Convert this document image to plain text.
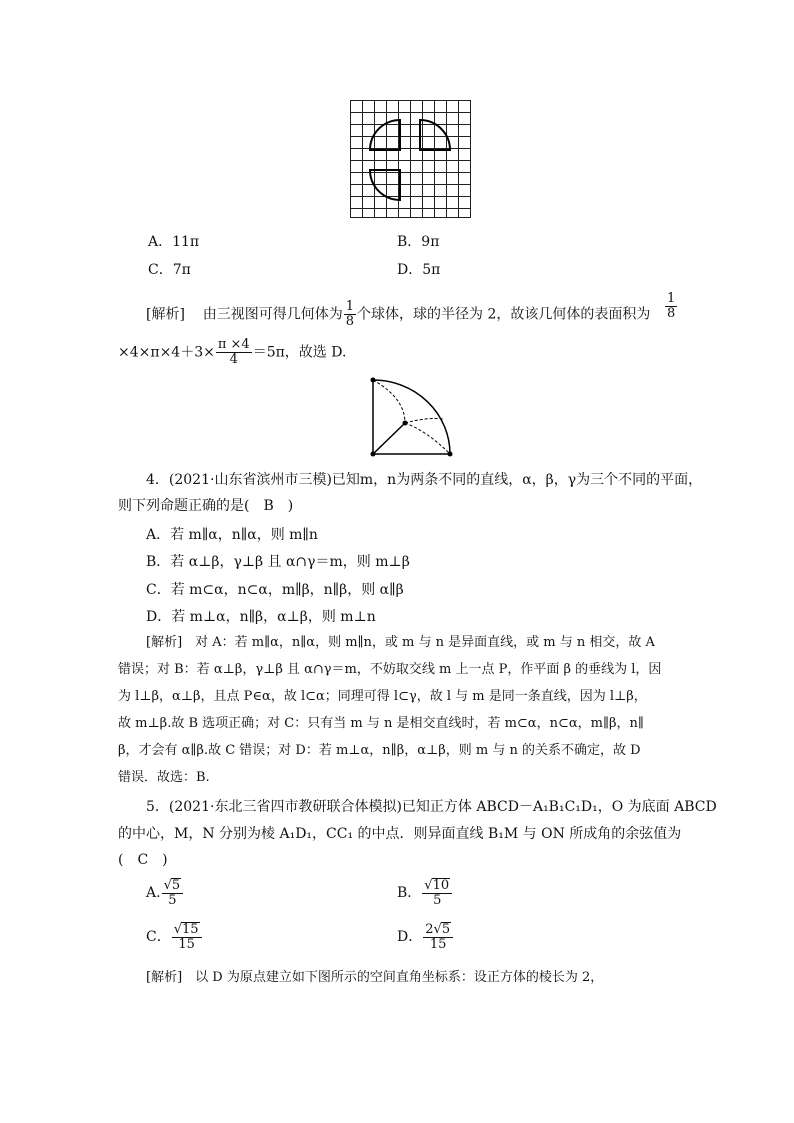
A．11π	B．9π
C．7π	D．5π
[解析] 由三视图可得几何体为 $\frac{1}{8}$ 个球体，球的半径为 2，故该几何体的表面积为 $\frac{1}{8}$
$\times 4\times\pi\times 4+3\times \frac{\pi \times 4}{4} =5\pi$，故选 D.
4．(2021·山东省滨州市三模)已知m，n为两条不同的直线，α，β，γ为三个不同的平面，
则下列命题正确的是(　B　)
A．若 m∥α，n∥α，则 m∥n
B．若 α⊥β，γ⊥β 且 α∩γ＝m，则 m⊥β
C．若 m⊂α，n⊂α，m∥β，n∥β，则 α∥β
D．若 m⊥α，n∥β，α⊥β，则 m⊥n
[解析]　对 A：若 m∥α，n∥α，则 m∥n，或 m 与 n 是异面直线，或 m 与 n 相交，故 A
错误；对 B：若 α⊥β，γ⊥β 且 α∩γ＝m，不妨取交线 m 上一点 P，作平面 β 的垂线为 l，因
为 l⊥β，α⊥β，且点 P∈α，故 l⊂α；同理可得 l⊂γ，故 l 与 m 是同一条直线，因为 l⊥β，
故 m⊥β.故 B 选项正确；对 C：只有当 m 与 n 是相交直线时，若 m⊂α，n⊂α，m∥β，n∥
β，才会有 α∥β.故 C 错误；对 D：若 m⊥α，n∥β，α⊥β，则 m 与 n 的关系不确定，故 D
错误．故选：B.
5．(2021·东北三省四市教研联合体模拟)已知正方体 ABCD－A₁B₁C₁D₁，O 为底面 ABCD
的中心，M，N 分别为棱 A₁D₁，CC₁ 的中点．则异面直线 B₁M 与 ON 所成角的余弦值为
(　C　)
A. $\frac{√5}{5}$	B． $\frac{√10}{5}$
C． $\frac{√15}{15}$	D． $\frac{2√5}{15}$
[解析]　以 D 为原点建立如下图所示的空间直角坐标系：设正方体的棱长为 2，
